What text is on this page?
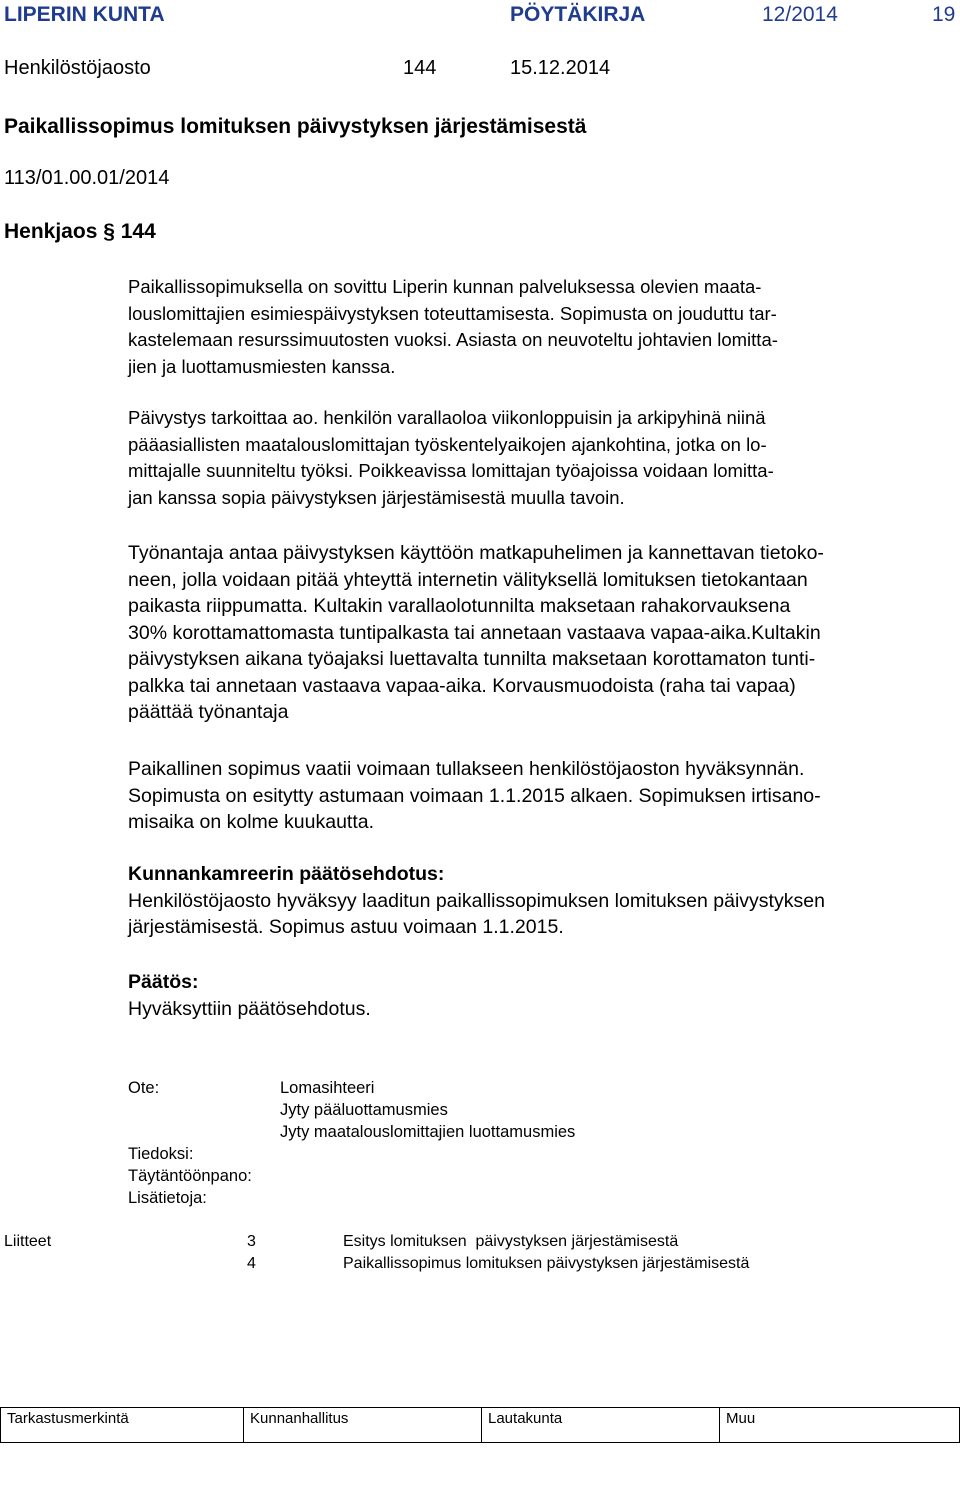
LIPERIN KUNTA	PÖYTÄKIRJA	12/2014	19
Henkilöstöjaosto	144	15.12.2014
Paikallissopimus lomituksen päivystyksen järjestämisestä
113/01.00.01/2014
Henkjaos § 144
Paikallissopimuksella on sovittu Liperin kunnan palveluksessa olevien maata-
louslomittajien esimiespäivystyksen toteuttamisesta. Sopimusta on jouduttu tar-
kastelemaan resurssimuutosten vuoksi. Asiasta on neuvoteltu johtavien lomitta-
jien ja luottamusmiesten kanssa.
Päivystys tarkoittaa ao. henkilön varallaoloa viikonloppuisin ja arkipyhinä niinä
pääasiallisten maatalouslomittajan työskentelyaikojen ajankohtina, jotka on lo-
mittajalle suunniteltu työksi. Poikkeavissa lomittajan työajoissa voidaan lomitta-
jan kanssa sopia päivystyksen järjestämisestä muulla tavoin.
Työnantaja antaa päivystyksen käyttöön matkapuhelimen ja kannettavan tietoko-
neen, jolla voidaan pitää yhteyttä internetin välityksellä lomituksen tietokantaan
paikasta riippumatta. Kultakin varallaolotunnilta maksetaan rahakorvauksena
30% korottamattomasta tuntipalkasta tai annetaan vastaava vapaa-aika.Kultakin
päivystyksen aikana työajaksi luettavalta tunnilta maksetaan korottamaton tunti-
palkka tai annetaan vastaava vapaa-aika. Korvausmuodoista (raha tai vapaa)
päättää työnantaja
Paikallinen sopimus vaatii voimaan tullakseen henkilöstöjaoston hyväksynnän.
Sopimusta on esitytty astumaan voimaan 1.1.2015 alkaen. Sopimuksen irtisano-
misaika on kolme kuukautta.
Kunnankamreerin päätösehdotus:
Henkilöstöjaosto hyväksyy laaditun paikallissopimuksen lomituksen päivystyksen
järjestämisestä. Sopimus astuu voimaan 1.1.2015.
Päätös:
Hyväksyttiin päätösehdotus.
Ote:	Lomasihteeri
Jyty pääluottamusmies
Jyty maatalouslomittajien luottamusmies
Tiedoksi:
Täytäntöönpano:
Lisätietoja:
Liitteet	3	Esitys lomituksen  päivystyksen järjestämisestä
4	Paikallissopimus lomituksen päivystyksen järjestämisestä
Tarkastusmerkintä	Kunnanhallitus	Lautakunta	Muu
